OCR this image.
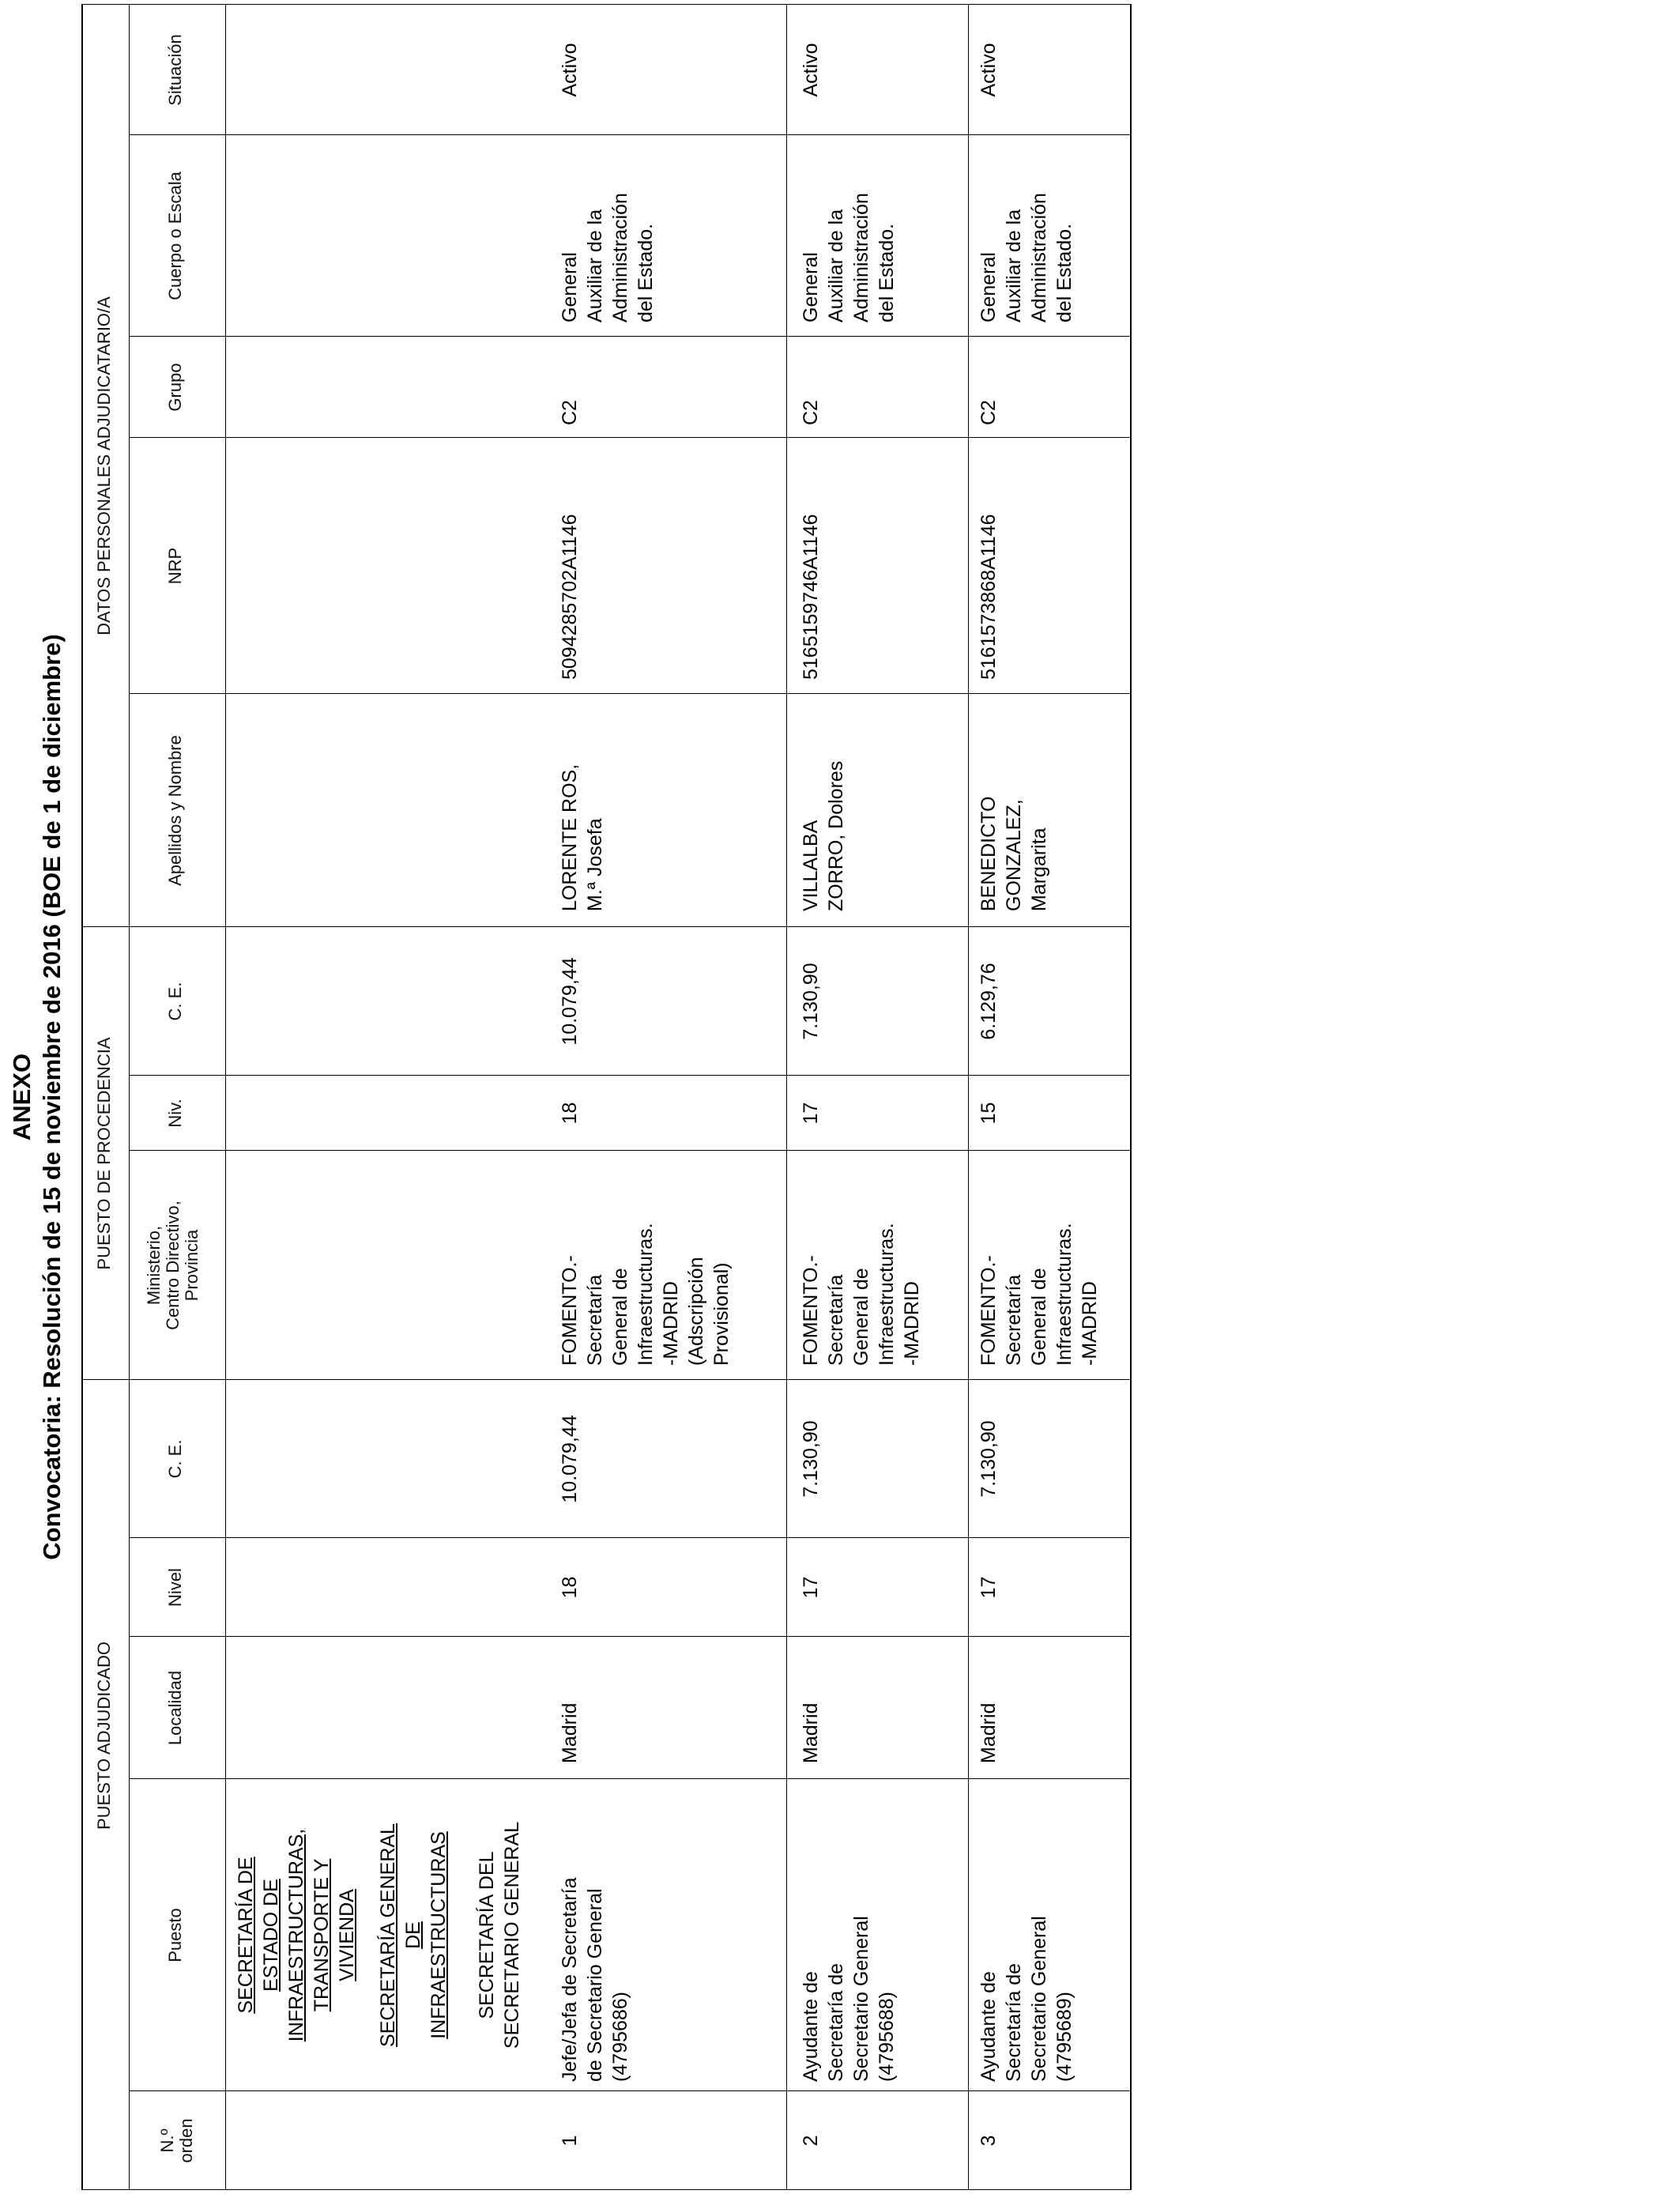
ANEXO Convocatoria: Resolución de 15 de noviembre de 2016 (BOE de 1 de diciembre)
PUESTO ADJUDICADO
PUESTO DE PROCEDENCIA
DATOS PERSONALES ADJUDICATARIO/A
N.º
orden
Puesto
Localidad
Nivel
C. E.
Ministerio,
Centro Directivo,
Provincia
Niv.
C. E.
Apellidos y Nombre
NRP
Grupo
Cuerpo o Escala
Situación
SECRETARÍA DE
ESTADO DE
INFRAESTRUCTURAS,
TRANSPORTE Y
VIVIENDA SECRETARÍA GENERAL
DE
INFRAESTRUCTURAS SECRETARÍA DEL
SECRETARIO GENERAL
1
Jefe/Jefa de Secretaría
de Secretario General
(4795686)
Madrid
18
10.079,44
FOMENTO.-
Secretaría
General de
Infraestructuras.
-MADRID
(Adscripción
Provisional)
18
10.079,44
LORENTE ROS,
M.ª Josefa
5094285702A1146
C2
General
Auxiliar de la
Administración
del Estado.
Activo
2
Ayudante de
Secretaría de
Secretario General
(4795688)
Madrid
17
7.130,90
FOMENTO.-
Secretaría
General de
Infraestructuras.
-MADRID
17
7.130,90
VILLALBA
ZORRO, Dolores
5165159746A1146
C2
General
Auxiliar de la
Administración
del Estado.
Activo
3
Ayudante de
Secretaría de
Secretario General
(4795689)
Madrid
17
7.130,90
FOMENTO.-
Secretaría
General de
Infraestructuras.
-MADRID
15
6.129,76
BENEDICTO
GONZALEZ,
Margarita
5161573868A1146
C2
General
Auxiliar de la
Administración
del Estado.
Activo
